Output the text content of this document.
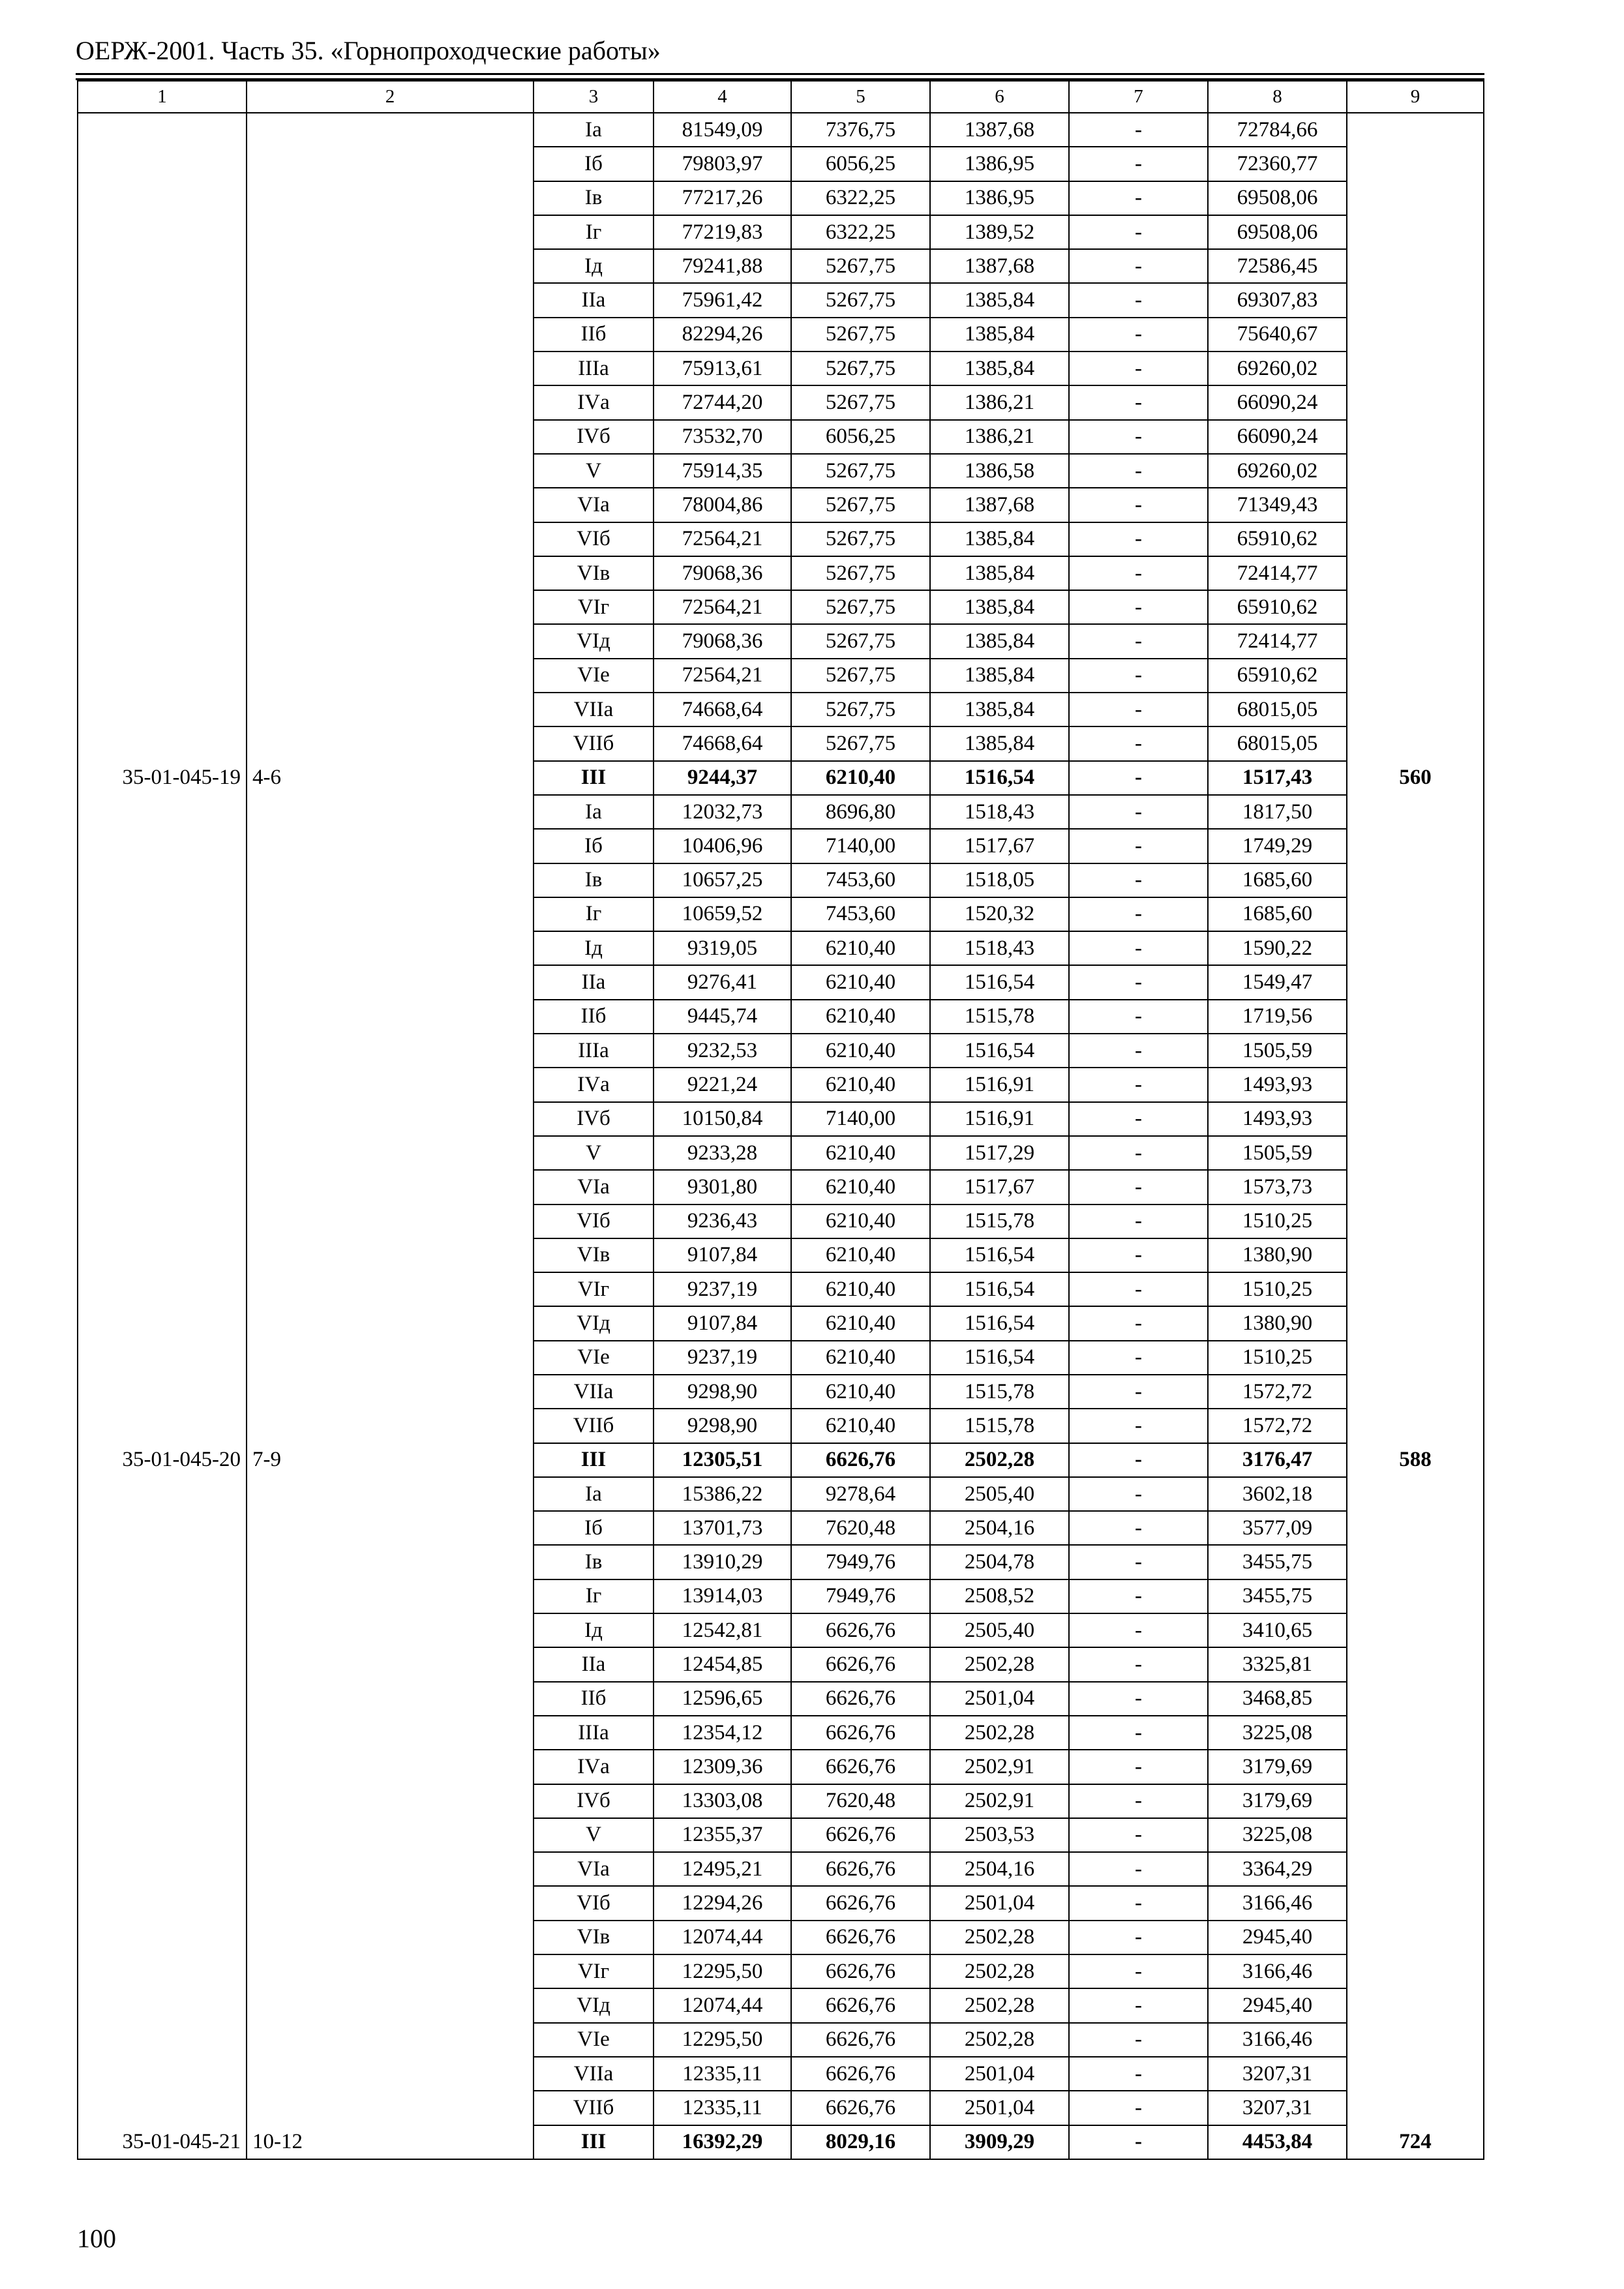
ОЕРЖ-2001. Часть 35. «Горнопроходческие работы»
1	2	3	4	5	6	7	8	9
		Iа	81549,09	7376,75	1387,68	-	72784,66	
		Iб	79803,97	6056,25	1386,95	-	72360,77	
		Iв	77217,26	6322,25	1386,95	-	69508,06	
		Iг	77219,83	6322,25	1389,52	-	69508,06	
		Iд	79241,88	5267,75	1387,68	-	72586,45	
		IIа	75961,42	5267,75	1385,84	-	69307,83	
		IIб	82294,26	5267,75	1385,84	-	75640,67	
		IIIа	75913,61	5267,75	1385,84	-	69260,02	
		IVа	72744,20	5267,75	1386,21	-	66090,24	
		IVб	73532,70	6056,25	1386,21	-	66090,24	
		V	75914,35	5267,75	1386,58	-	69260,02	
		VIа	78004,86	5267,75	1387,68	-	71349,43	
		VIб	72564,21	5267,75	1385,84	-	65910,62	
		VIв	79068,36	5267,75	1385,84	-	72414,77	
		VIг	72564,21	5267,75	1385,84	-	65910,62	
		VIд	79068,36	5267,75	1385,84	-	72414,77	
		VIе	72564,21	5267,75	1385,84	-	65910,62	
		VIIа	74668,64	5267,75	1385,84	-	68015,05	
		VIIб	74668,64	5267,75	1385,84	-	68015,05	
35-01-045-19	4-6	III	9244,37	6210,40	1516,54	-	1517,43	560
		Iа	12032,73	8696,80	1518,43	-	1817,50	
		Iб	10406,96	7140,00	1517,67	-	1749,29	
		Iв	10657,25	7453,60	1518,05	-	1685,60	
		Iг	10659,52	7453,60	1520,32	-	1685,60	
		Iд	9319,05	6210,40	1518,43	-	1590,22	
		IIа	9276,41	6210,40	1516,54	-	1549,47	
		IIб	9445,74	6210,40	1515,78	-	1719,56	
		IIIа	9232,53	6210,40	1516,54	-	1505,59	
		IVа	9221,24	6210,40	1516,91	-	1493,93	
		IVб	10150,84	7140,00	1516,91	-	1493,93	
		V	9233,28	6210,40	1517,29	-	1505,59	
		VIа	9301,80	6210,40	1517,67	-	1573,73	
		VIб	9236,43	6210,40	1515,78	-	1510,25	
		VIв	9107,84	6210,40	1516,54	-	1380,90	
		VIг	9237,19	6210,40	1516,54	-	1510,25	
		VIд	9107,84	6210,40	1516,54	-	1380,90	
		VIе	9237,19	6210,40	1516,54	-	1510,25	
		VIIа	9298,90	6210,40	1515,78	-	1572,72	
		VIIб	9298,90	6210,40	1515,78	-	1572,72	
35-01-045-20	7-9	III	12305,51	6626,76	2502,28	-	3176,47	588
		Iа	15386,22	9278,64	2505,40	-	3602,18	
		Iб	13701,73	7620,48	2504,16	-	3577,09	
		Iв	13910,29	7949,76	2504,78	-	3455,75	
		Iг	13914,03	7949,76	2508,52	-	3455,75	
		Iд	12542,81	6626,76	2505,40	-	3410,65	
		IIа	12454,85	6626,76	2502,28	-	3325,81	
		IIб	12596,65	6626,76	2501,04	-	3468,85	
		IIIа	12354,12	6626,76	2502,28	-	3225,08	
		IVа	12309,36	6626,76	2502,91	-	3179,69	
		IVб	13303,08	7620,48	2502,91	-	3179,69	
		V	12355,37	6626,76	2503,53	-	3225,08	
		VIа	12495,21	6626,76	2504,16	-	3364,29	
		VIб	12294,26	6626,76	2501,04	-	3166,46	
		VIв	12074,44	6626,76	2502,28	-	2945,40	
		VIг	12295,50	6626,76	2502,28	-	3166,46	
		VIд	12074,44	6626,76	2502,28	-	2945,40	
		VIе	12295,50	6626,76	2502,28	-	3166,46	
		VIIа	12335,11	6626,76	2501,04	-	3207,31	
		VIIб	12335,11	6626,76	2501,04	-	3207,31	
35-01-045-21	10-12	III	16392,29	8029,16	3909,29	-	4453,84	724
100
